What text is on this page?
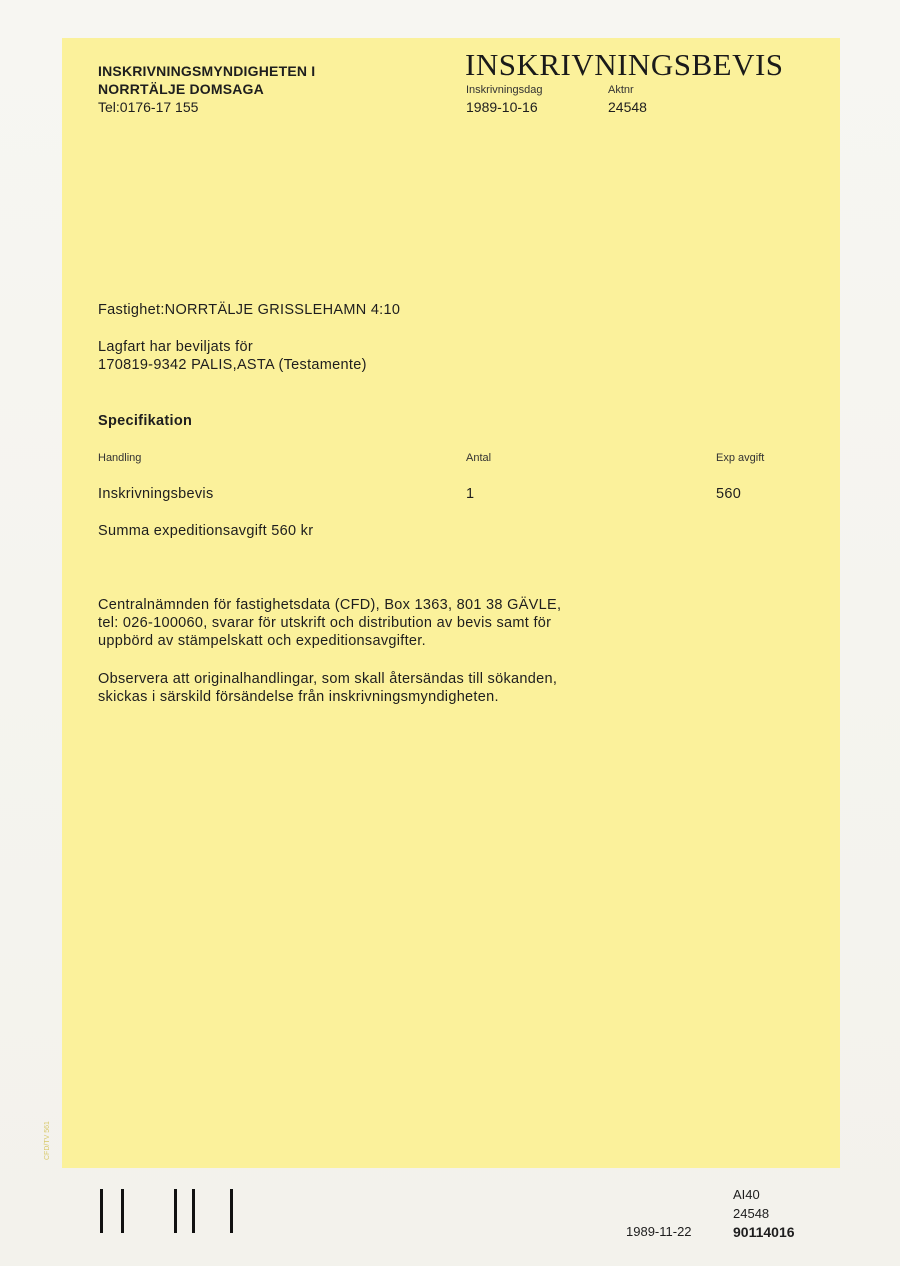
INSKRIVNINGSMYNDIGHETEN I
NORRTÄLJE DOMSAGA
Tel:0176-17 155
INSKRIVNINGSBEVIS
Inskrivningsdag	Aktnr
1989-10-16	24548
Fastighet:NORRTÄLJE GRISSLEHAMN 4:10
Lagfart har beviljats för
170819-9342 PALIS,ASTA (Testamente)
Specifikation
Handling	Antal	Exp avgift
Inskrivningsbevis	1	560
Summa expeditionsavgift 560 kr
Centralnämnden för fastighetsdata (CFD), Box 1363, 801 38 GÄVLE,
tel: 026-100060, svarar för utskrift och distribution av bevis samt för
uppbörd av stämpelskatt och expeditionsavgifter.
Observera att originalhandlingar, som skall återsändas till sökanden,
skickas i särskild försändelse från inskrivningsmyndigheten.
CFD/TV 561
1989-11-22
AI40
24548
90114016
